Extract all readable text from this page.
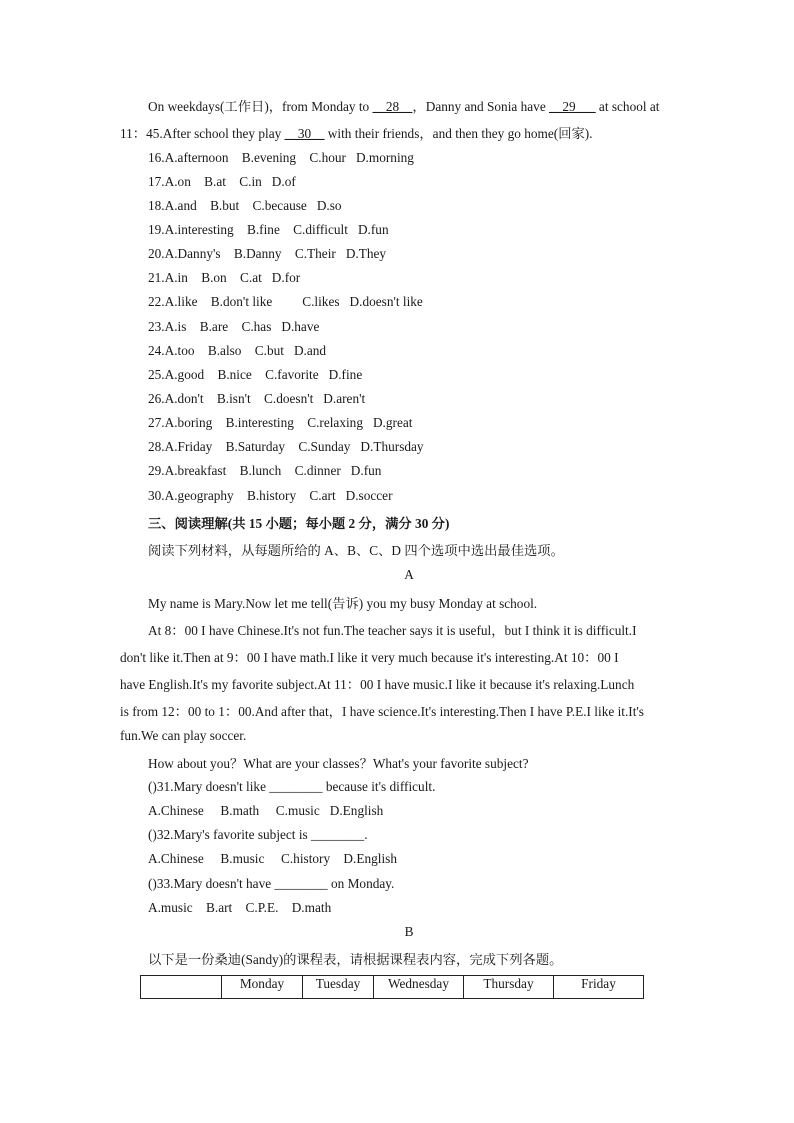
On weekdays(工作日)，from Monday to __28__，Danny and Sonia have __29___ at school at
11：45.After school they play __30__ with their friends，and then they go home(回家).
16.A.afternoon B.evening C.hour D.morning
17.A.on B.at C.in D.of
18.A.and B.but C.because D.so
19.A.interesting B.fine C.difficult D.fun
20.A.Danny's B.Danny C.Their D.They
21.A.in B.on C.at D.for
22.A.like B.don't like C.likes D.doesn't like
23.A.is B.are C.has D.have
24.A.too B.also C.but D.and
25.A.good B.nice C.favorite D.fine
26.A.don't B.isn't C.doesn't D.aren't
27.A.boring B.interesting C.relaxing D.great
28.A.Friday B.Saturday C.Sunday D.Thursday
29.A.breakfast B.lunch C.dinner D.fun
30.A.geography B.history C.art D.soccer
三、阅读理解(共 15 小题；每小题 2 分，满分 30 分)
阅读下列材料，从每题所给的 A、B、C、D 四个选项中选出最佳选项。
A
My name is Mary.Now let me tell(告诉) you my busy Monday at school.
At 8：00 I have Chinese.It's not fun.The teacher says it is useful，but I think it is difficult.I
don't like it.Then at 9：00 I have math.I like it very much because it's interesting.At 10：00 I
have English.It's my favorite subject.At 11：00 I have music.I like it because it's relaxing.Lunch
is from 12：00 to 1：00.And after that，I have science.It's interesting.Then I have P.E.I like it.It's
fun.We can play soccer.
How about you？What are your classes？What's your favorite subject?
()31.Mary doesn't like ________ because it's difficult.
A.Chinese B.math C.music D.English
()32.Mary's favorite subject is ________.
A.Chinese B.music C.history D.English
()33.Mary doesn't have ________ on Monday.
A.music B.art C.P.E. D.math
B
以下是一份桑迪(Sandy)的课程表，请根据课程表内容，完成下列各题。
	Monday	Tuesday	Wednesday	Thursday	Friday
